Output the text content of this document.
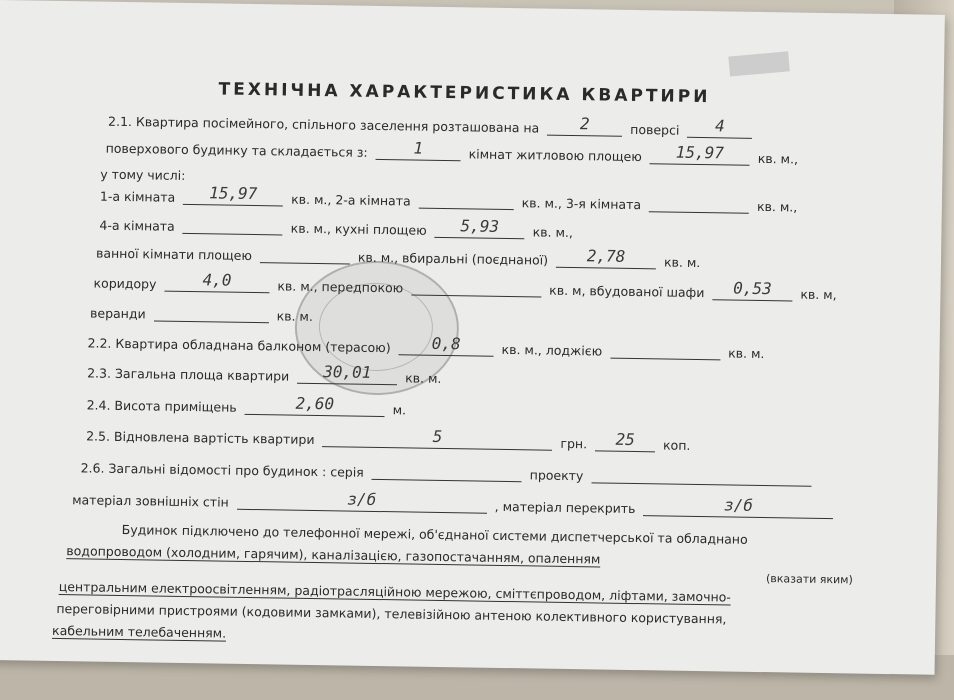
ТЕХНІЧНА ХАРАКТЕРИСТИКА КВАРТИРИ
2.1. Квартира посімейного, спільного заселення розташована на	2	поверсі 4
поверхового будинку та складається з:	1	кімнат житловою площею 15,97	кв. м.,
у тому числі:
1-а кімната 15,97	кв. м., 2-а кімната	кв. м., 3-я кімната	кв. м.,
4-а кімната	кв. м., кухні площею 5,93	кв. м.,
ванної кімнати площею	кв. м., вбиральні (поєднаної) 2,78	кв. м.
коридору	4,0	кв. м., передпокою	кв. м, вбудованої шафи 0,53 кв. м,
веранди	кв. м.
2.2. Квартира обладнана балконом (терасою)	0,8	кв. м., лоджією	кв. м.
2.3. Загальна площа квартири 30,01	кв. м.
2.4. Висота приміщень	2,60	м.
2.5. Відновлена вартість квартири	5	грн. 25 коп.
2.6. Загальні відомості про будинок : серія	проекту
матеріал зовнішніх стін	з/б	, матеріал перекрить	з/б
Будинок підключено до телефонної мережі, об'єднаної системи диспетчерської та обладнано
водопроводом (холодним, гарячим), каналізацією, газопостачанням, опаленням
(вказати яким)
центральним електроосвітленням, радіотрасляційною мережою, сміттєпроводом, ліфтами, замочно-
переговірними пристроями (кодовими замками), телевізійною антеною колективного користування,
кабельним телебаченням.
